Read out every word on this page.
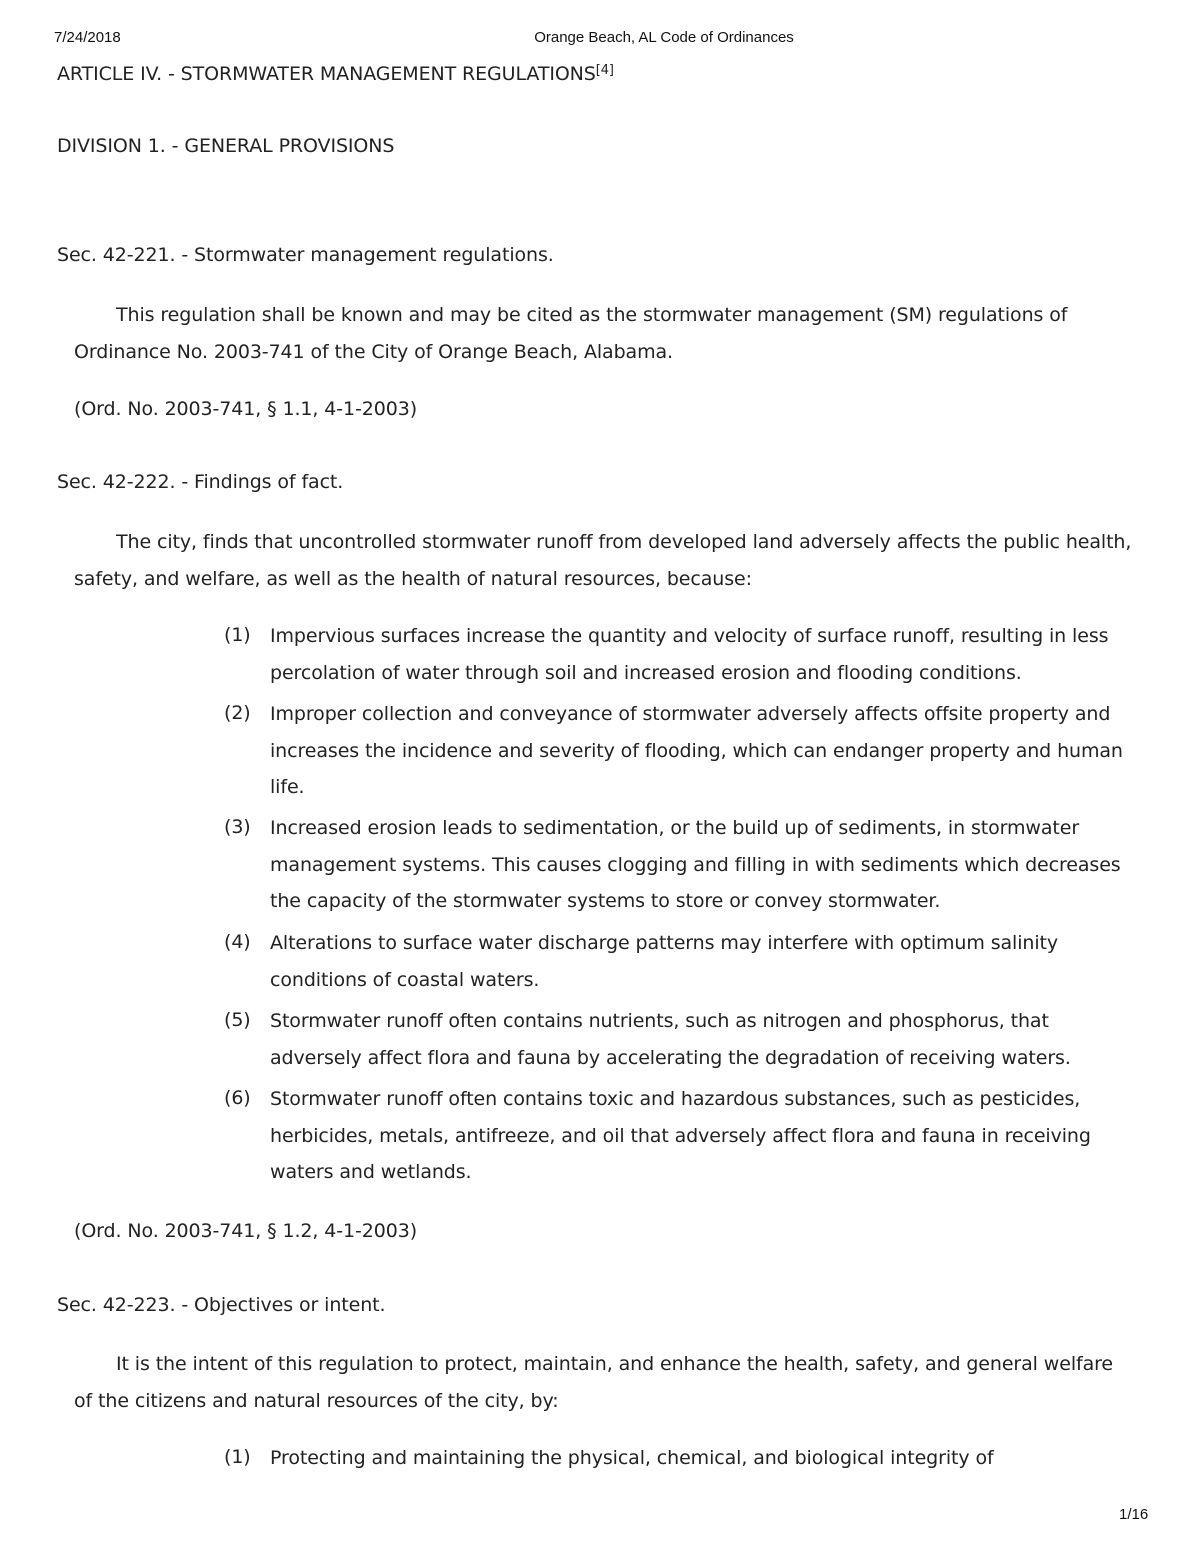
7/24/2018	Orange Beach, AL Code of Ordinances
ARTICLE IV. - STORMWATER MANAGEMENT REGULATIONS[4]
DIVISION 1. - GENERAL PROVISIONS
Sec. 42-221. - Stormwater management regulations.
This regulation shall be known and may be cited as the stormwater management (SM) regulations of Ordinance No. 2003-741 of the City of Orange Beach, Alabama.
(Ord. No. 2003-741, § 1.1, 4-1-2003)
Sec. 42-222. - Findings of fact.
The city, finds that uncontrolled stormwater runoff from developed land adversely affects the public health, safety, and welfare, as well as the health of natural resources, because:
(1) Impervious surfaces increase the quantity and velocity of surface runoff, resulting in less percolation of water through soil and increased erosion and flooding conditions.
(2) Improper collection and conveyance of stormwater adversely affects offsite property and increases the incidence and severity of flooding, which can endanger property and human life.
(3) Increased erosion leads to sedimentation, or the build up of sediments, in stormwater management systems. This causes clogging and filling in with sediments which decreases the capacity of the stormwater systems to store or convey stormwater.
(4) Alterations to surface water discharge patterns may interfere with optimum salinity conditions of coastal waters.
(5) Stormwater runoff often contains nutrients, such as nitrogen and phosphorus, that adversely affect flora and fauna by accelerating the degradation of receiving waters.
(6) Stormwater runoff often contains toxic and hazardous substances, such as pesticides, herbicides, metals, antifreeze, and oil that adversely affect flora and fauna in receiving waters and wetlands.
(Ord. No. 2003-741, § 1.2, 4-1-2003)
Sec. 42-223. - Objectives or intent.
It is the intent of this regulation to protect, maintain, and enhance the health, safety, and general welfare of the citizens and natural resources of the city, by:
(1) Protecting and maintaining the physical, chemical, and biological integrity of
1/16
